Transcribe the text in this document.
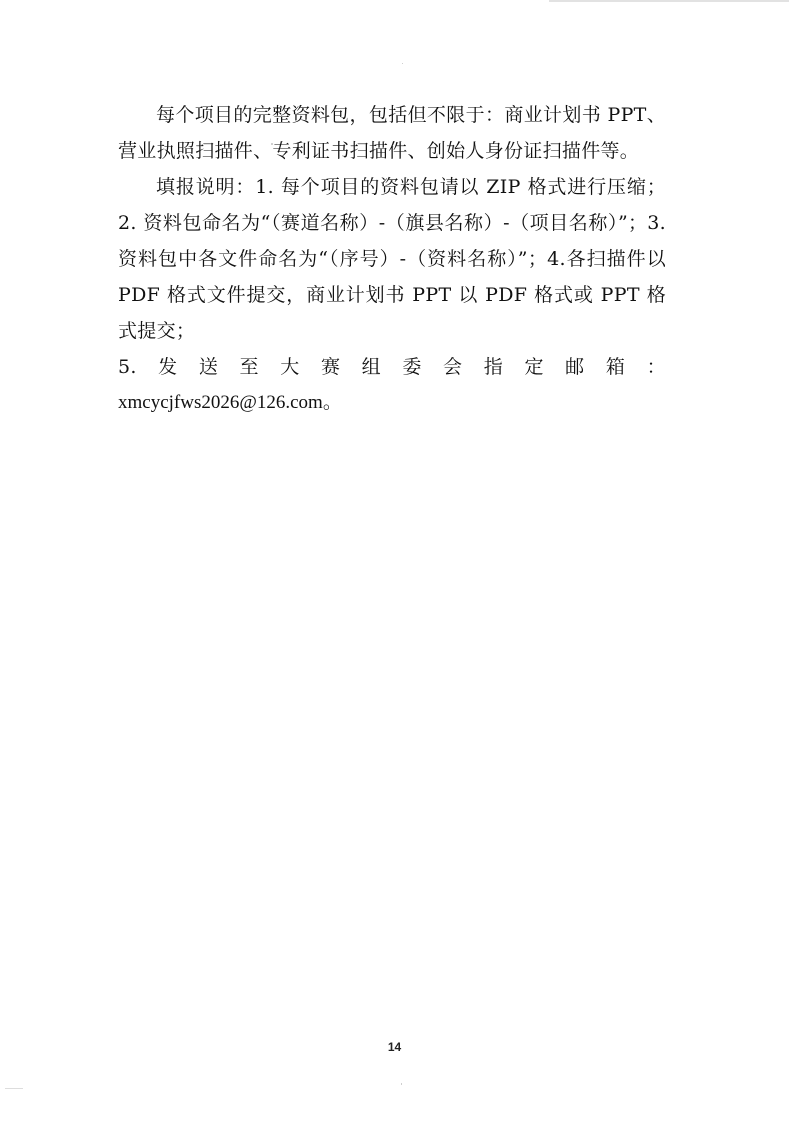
每个项目的完整资料包，包括但不限于：商业计划书 PPT、营业执照扫描件、专利证书扫描件、创始人身份证扫描件等。

填报说明：1. 每个项目的资料包请以 ZIP 格式进行压缩；2. 资料包命名为“（赛道名称）-（旗县名称）-（项目名称）”；3. 资料包中各文件命名为“（序号）-（资料名称）”；4.各扫描件以 PDF 格式文件提交，商业计划书 PPT 以 PDF 格式或 PPT 格式提交；

5. 发 送 至 大 赛 组 委 会 指 定 邮 箱 ：
xmcycjfws2026@126.com。
14
